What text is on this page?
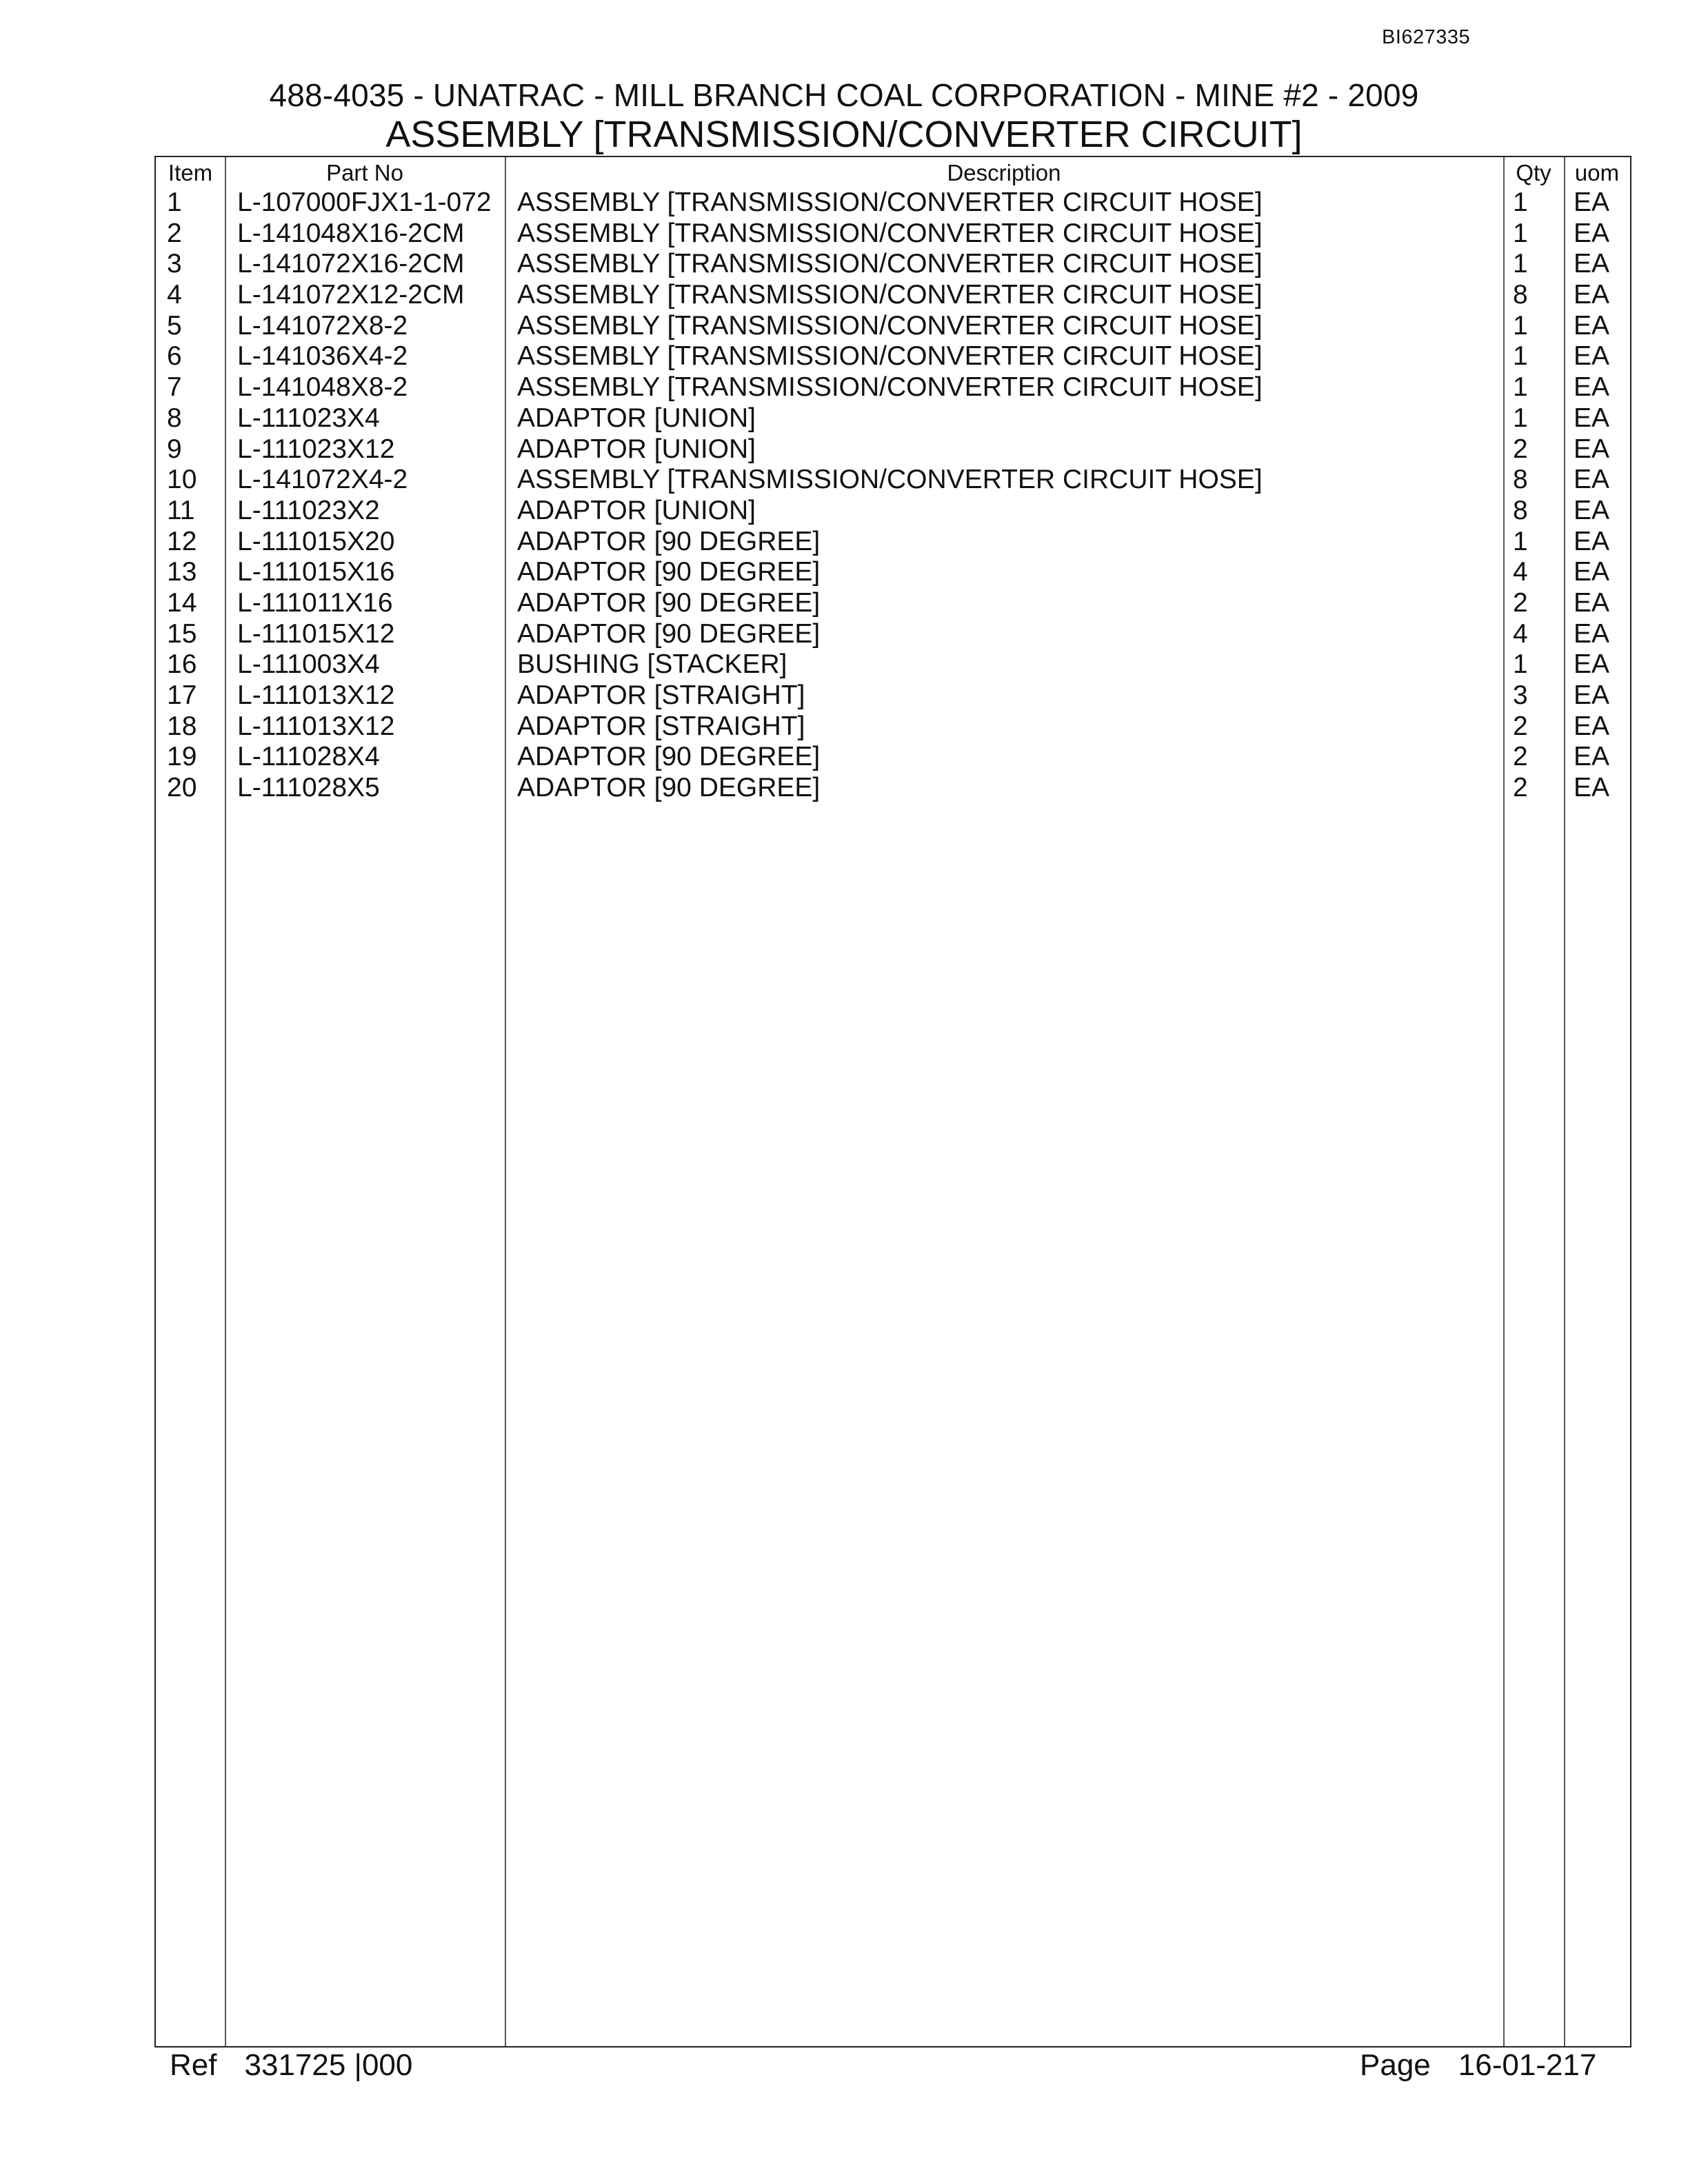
BI627335
488-4035 - UNATRAC - MILL BRANCH COAL CORPORATION - MINE #2 - 2009
ASSEMBLY [TRANSMISSION/CONVERTER CIRCUIT]
Item	Part No	Description	Qty	uom
1 L-107000FJX1-1-072 ASSEMBLY [TRANSMISSION/CONVERTER CIRCUIT HOSE]	1 EA
2 L-141048X16-2CM ASSEMBLY [TRANSMISSION/CONVERTER CIRCUIT HOSE]	1 EA
3 L-141072X16-2CM ASSEMBLY [TRANSMISSION/CONVERTER CIRCUIT HOSE]	1 EA
4 L-141072X12-2CM ASSEMBLY [TRANSMISSION/CONVERTER CIRCUIT HOSE]	8 EA
5 L-141072X8-2	ASSEMBLY [TRANSMISSION/CONVERTER CIRCUIT HOSE]	1 EA
6 L-141036X4-2	ASSEMBLY [TRANSMISSION/CONVERTER CIRCUIT HOSE]	1 EA
7 L-141048X8-2	ASSEMBLY [TRANSMISSION/CONVERTER CIRCUIT HOSE]	1 EA
8 L-111023X4	ADAPTOR [UNION]	1 EA
9 L-111023X12	ADAPTOR [UNION]	2 EA
10 L-141072X4-2	ASSEMBLY [TRANSMISSION/CONVERTER CIRCUIT HOSE]	8 EA
11 L-111023X2	ADAPTOR [UNION]	8 EA
12 L-111015X20	ADAPTOR [90 DEGREE]	1 EA
13 L-111015X16	ADAPTOR [90 DEGREE]	4 EA
14 L-111011X16	ADAPTOR [90 DEGREE]	2 EA
15 L-111015X12	ADAPTOR [90 DEGREE]	4 EA
16 L-111003X4	BUSHING [STACKER]	1 EA
17 L-111013X12	ADAPTOR [STRAIGHT]	3 EA
18 L-111013X12	ADAPTOR [STRAIGHT]	2 EA
19 L-111028X4	ADAPTOR [90 DEGREE]	2 EA
20 L-111028X5	ADAPTOR [90 DEGREE]	2 EA
Ref 331725 |000	Page 16-01-217
